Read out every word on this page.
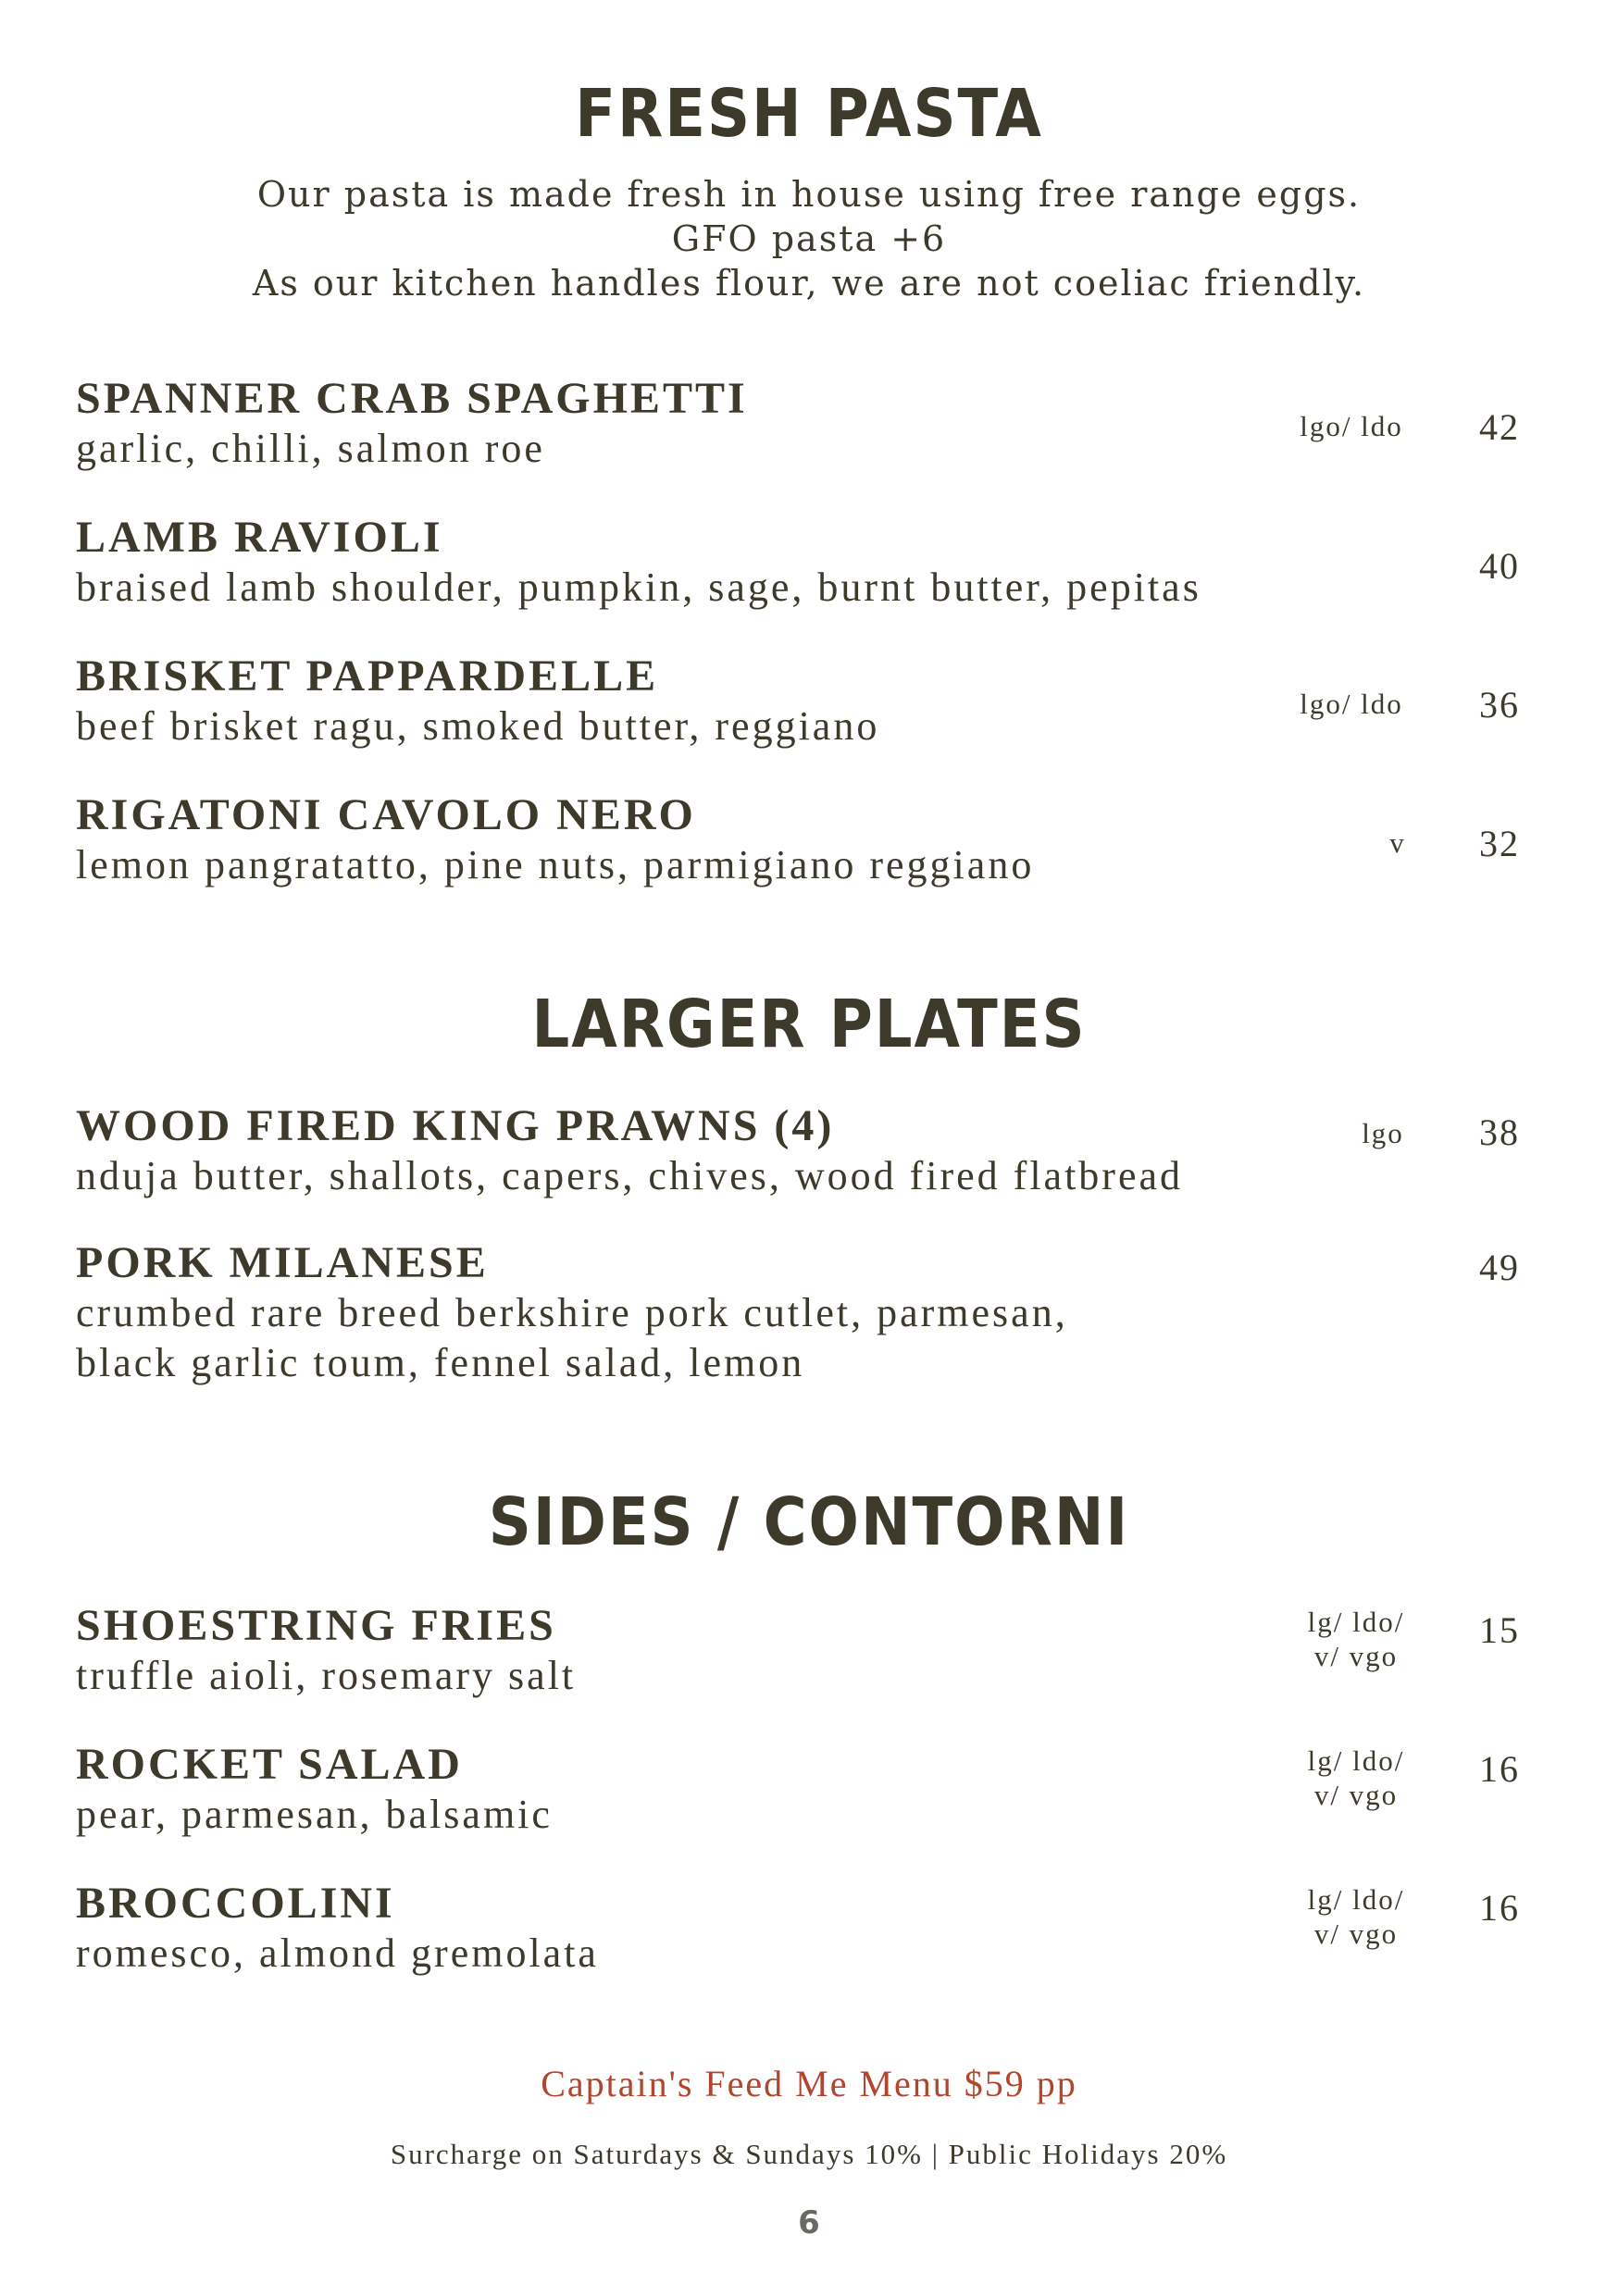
FRESH PASTA
Our pasta is made fresh in house using free range eggs.
GFO pasta +6
As our kitchen handles flour, we are not coeliac friendly.
SPANNER CRAB SPAGHETTI
garlic, chilli, salmon roe	lgo/ ldo	42
LAMB RAVIOLI
braised lamb shoulder, pumpkin, sage, burnt butter, pepitas	40
BRISKET PAPPARDELLE
beef brisket ragu, smoked butter, reggiano	lgo/ ldo	36
RIGATONI CAVOLO NERO
lemon pangratatto, pine nuts, parmigiano reggiano	v	32
LARGER PLATES
WOOD FIRED KING PRAWNS (4)
nduja butter, shallots, capers, chives, wood fired flatbread
lgo	38
PORK MILANESE
crumbed rare breed berkshire pork cutlet, parmesan,
black garlic toum, fennel salad, lemon
49
SIDES / CONTORNI
SHOESTRING FRIES
truffle aioli, rosemary salt
lg/ ldo/
v/ vgo
15
ROCKET SALAD
pear, parmesan, balsamic
lg/ ldo/
v/ vgo
16
BROCCOLINI
romesco, almond gremolata
lg/ ldo/
v/ vgo
16
Captain's Feed Me Menu $59 pp
Surcharge on Saturdays & Sundays 10% | Public Holidays 20%
6
